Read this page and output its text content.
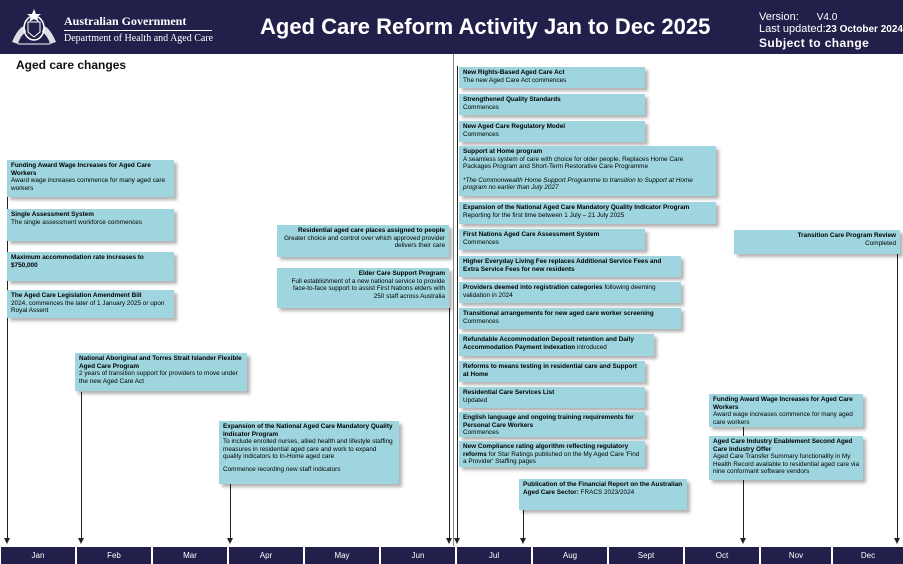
Australian Government
Department of Health and Aged Care Aged Care Reform Activity Jan to Dec 2025	Version: V4.0
Last updated:23 October 2024
Subject to change
Aged care changes
Funding Award Wage Increases for Aged Care Workers
Award wage increases commence for many aged care workers
Single Assessment System
The single assessment workforce commences
Maximum accommodation rate increases to $750,000
The Aged Care Legislation Amendment Bill
2024, commences the later of 1 January 2025 or upon Royal Assent
National Aboriginal and Torres Strait Islander Flexible Aged Care Program
2 years of transition support for providers to move under the new Aged Care Act
Expansion of the National Aged Care Mandatory Quality Indicator Program
To include enrolled nurses, allied health and lifestyle staffing measures in residential aged care and work to expand quality indicators to In-Home aged care
Commence recording new staff indicators
Residential aged care places assigned to people
Greater choice and control over which approved provider delivers their care
Elder Care Support Program
Full establishment of a new national service to provide face-to-face support to assist First Nations elders with 250 staff across Australia
New Rights-Based Aged Care Act
The new Aged Care Act commences
Strengthened Quality Standards
Commences
New Aged Care Regulatory Model
Commences
Support at Home program
A seamless system of care with choice for older people. Replaces Home Care Packages Program and Short-Term Restorative Care Programme
*The Commonwealth Home Support Programme to transition to Support at Home program no earlier than July 2027
Expansion of the National Aged Care Mandatory Quality Indicator Program
Reporting for the first time between 1 July – 21 July 2025
First Nations Aged Care Assessment System
Commences
Higher Everyday Living Fee replaces Additional Service Fees and Extra Service Fees for new residents
Providers deemed into registration categories following deeming validation in 2024
Transitional arrangements for new aged care worker screening
Commences
Refundable Accommodation Deposit retention and Daily Accommodation Payment indexation introduced
Reforms to means testing in residential care and Support at Home
Residential Care Services List
Updated
English language and ongoing training requirements for Personal Care Workers
Commences
New Compliance rating algorithm reflecting regulatory reforms for Star Ratings published on the My Aged Care 'Find a Provider' Staffing pages
Publication of the Financial Report on the Australian Aged Care Sector: FRACS 2023/2024
Funding Award Wage Increases for Aged Care Workers
Award wage increases commence for many aged care workers
Aged Care Industry Enablement Second Aged Care Industry Offer
Aged Care Transfer Summary functionality in My Health Record available to residential aged care via nine conformant software vendors
Transition Care Program Review
Completed
Jan	Feb	Mar	Apr	May	Jun	Jul	Aug	Sept	Oct	Nov	Dec
